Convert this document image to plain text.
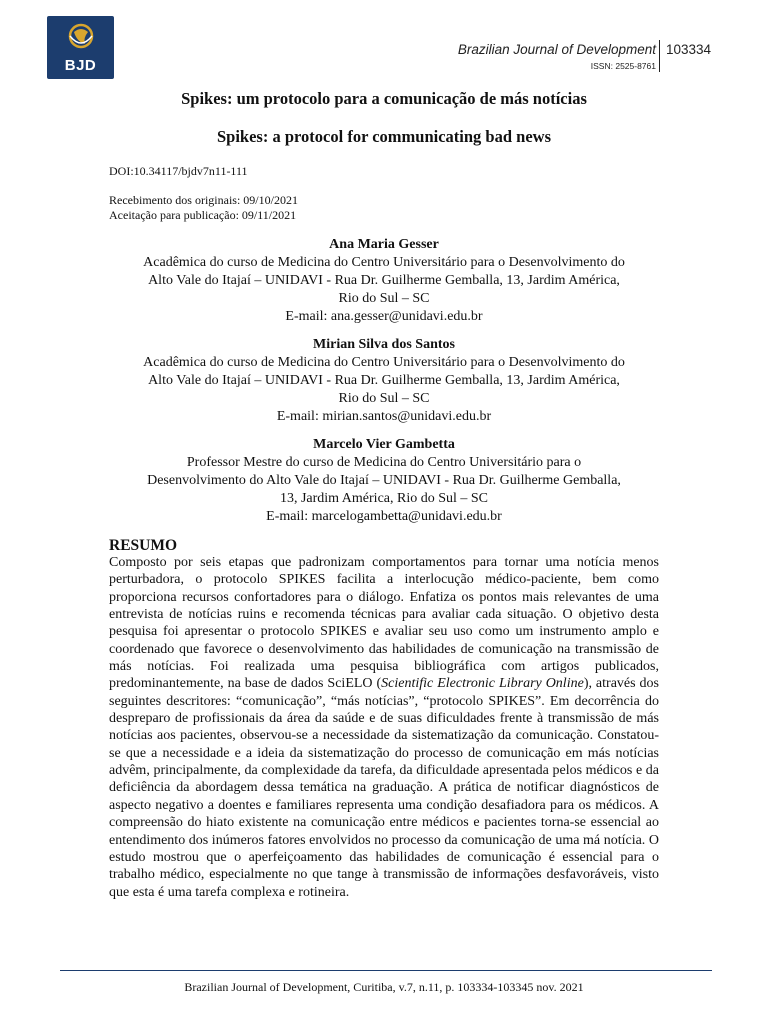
BJD
Brazilian Journal of Development
ISSN: 2525-8761
103334
Spikes: um protocolo para a comunicação de más notícias
Spikes: a protocol for communicating bad news
DOI:10.34117/bjdv7n11-111
Recebimento dos originais: 09/10/2021
Aceitação para publicação: 09/11/2021
Ana Maria Gesser
Acadêmica do curso de Medicina do Centro Universitário para o Desenvolvimento do
Alto Vale do Itajaí – UNIDAVI - Rua Dr. Guilherme Gemballa, 13, Jardim América,
Rio do Sul – SC
E-mail: ana.gesser@unidavi.edu.br
Mirian Silva dos Santos
Acadêmica do curso de Medicina do Centro Universitário para o Desenvolvimento do
Alto Vale do Itajaí – UNIDAVI - Rua Dr. Guilherme Gemballa, 13, Jardim América,
Rio do Sul – SC
E-mail: mirian.santos@unidavi.edu.br
Marcelo Vier Gambetta
Professor Mestre do curso de Medicina do Centro Universitário para o
Desenvolvimento do Alto Vale do Itajaí – UNIDAVI - Rua Dr. Guilherme Gemballa,
13, Jardim América, Rio do Sul – SC
E-mail: marcelogambetta@unidavi.edu.br
RESUMO

Composto por seis etapas que padronizam comportamentos para tornar uma notícia menos perturbadora, o protocolo SPIKES facilita a interlocução médico-paciente, bem como proporciona recursos confortadores para o diálogo. Enfatiza os pontos mais relevantes de uma entrevista de notícias ruins e recomenda técnicas para avaliar cada situação. O objetivo desta pesquisa foi apresentar o protocolo SPIKES e avaliar seu uso como um instrumento amplo e coordenado que favorece o desenvolvimento das habilidades de comunicação na transmissão de más notícias. Foi realizada uma pesquisa bibliográfica com artigos publicados, predominantemente, na base de dados SciELO (Scientific Electronic Library Online), através dos seguintes descritores: “comunicação”, “más notícias”, “protocolo SPIKES”. Em decorrência do despreparo de profissionais da área da saúde e de suas dificuldades frente à transmissão de más notícias aos pacientes, observou-se a necessidade da sistematização da comunicação. Constatou-se que a necessidade e a ideia da sistematização do processo de comunicação em más notícias advêm, principalmente, da complexidade da tarefa, da dificuldade apresentada pelos médicos e da deficiência da abordagem dessa temática na graduação. A prática de notificar diagnósticos de aspecto negativo a doentes e familiares representa uma condição desafiadora para os médicos. A compreensão do hiato existente na comunicação entre médicos e pacientes torna-se essencial ao entendimento dos inúmeros fatores envolvidos no processo da comunicação de uma má notícia. O estudo mostrou que o aperfeiçoamento das habilidades de comunicação é essencial para o trabalho médico, especialmente no que tange à transmissão de informações desfavoráveis, visto que esta é uma tarefa complexa e rotineira.

Brazilian Journal of Development, Curitiba, v.7, n.11, p. 103334-103345 nov. 2021
